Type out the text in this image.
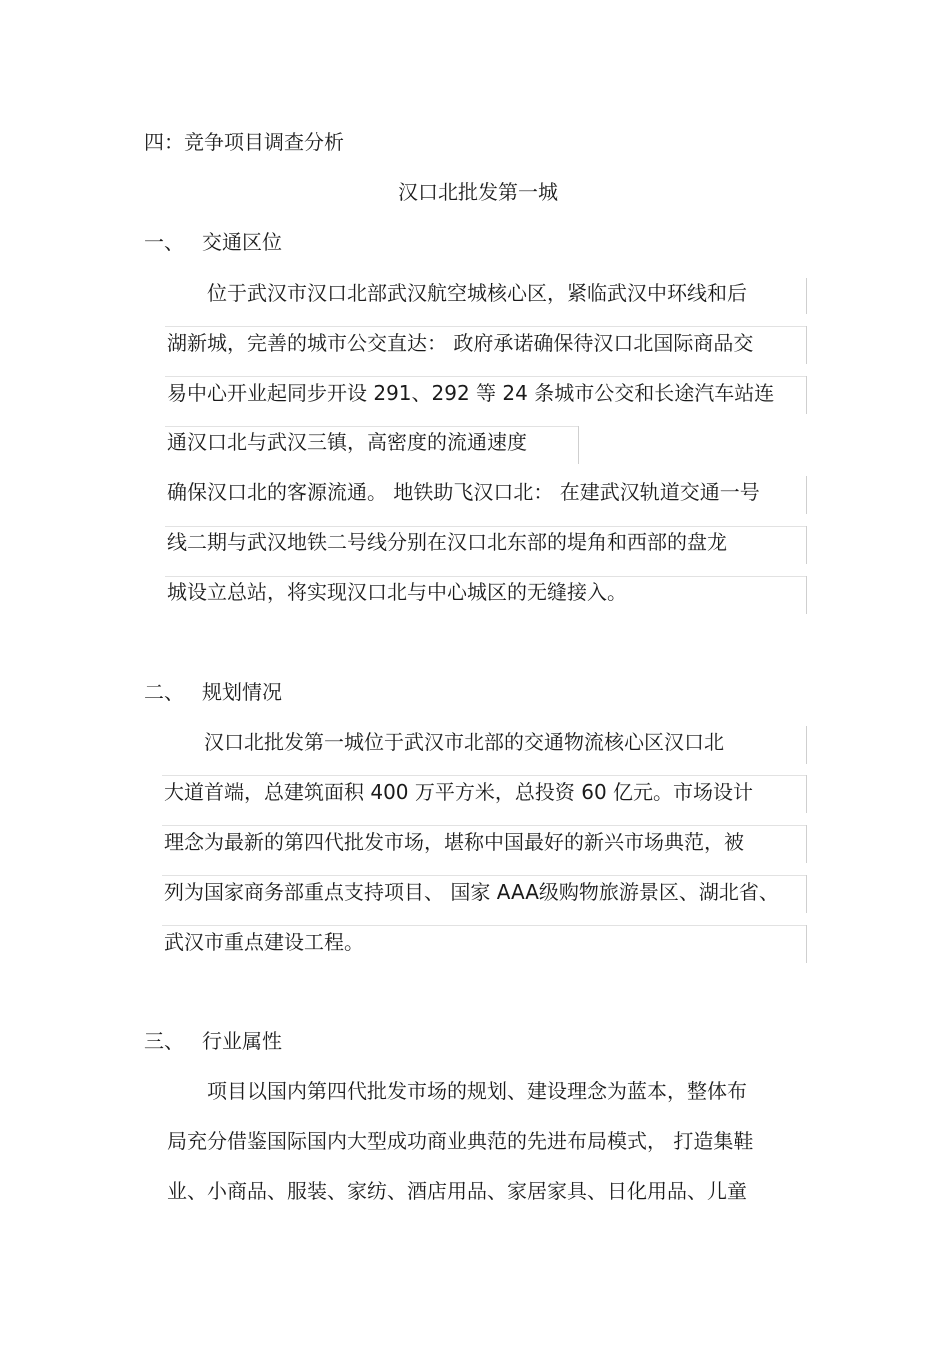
四：竞争项目调查分析
汉口北批发第一城
一、 交通区位
位于武汉市汉口北部武汉航空城核心区，紧临武汉中环线和后
湖新城，完善的城市公交直达： 政府承诺确保待汉口北国际商品交
易中心开业起同步开设 291、292 等 24 条城市公交和长途汽车站连
通汉口北与武汉三镇，高密度的流通速度
确保汉口北的客源流通。 地铁助飞汉口北： 在建武汉轨道交通一号
线二期与武汉地铁二号线分别在汉口北东部的堤角和西部的盘龙
城设立总站，将实现汉口北与中心城区的无缝接入。
二、 规划情况
汉口北批发第一城位于武汉市北部的交通物流核心区汉口北
大道首端，总建筑面积 400 万平方米，总投资 60 亿元。市场设计
理念为最新的第四代批发市场，堪称中国最好的新兴市场典范，被
列为国家商务部重点支持项目、 国家 AAA级购物旅游景区、湖北省、
武汉市重点建设工程。
三、 行业属性
项目以国内第四代批发市场的规划、建设理念为蓝本，整体布
局充分借鉴国际国内大型成功商业典范的先进布局模式， 打造集鞋
业、小商品、服装、家纺、酒店用品、家居家具、日化用品、儿童
